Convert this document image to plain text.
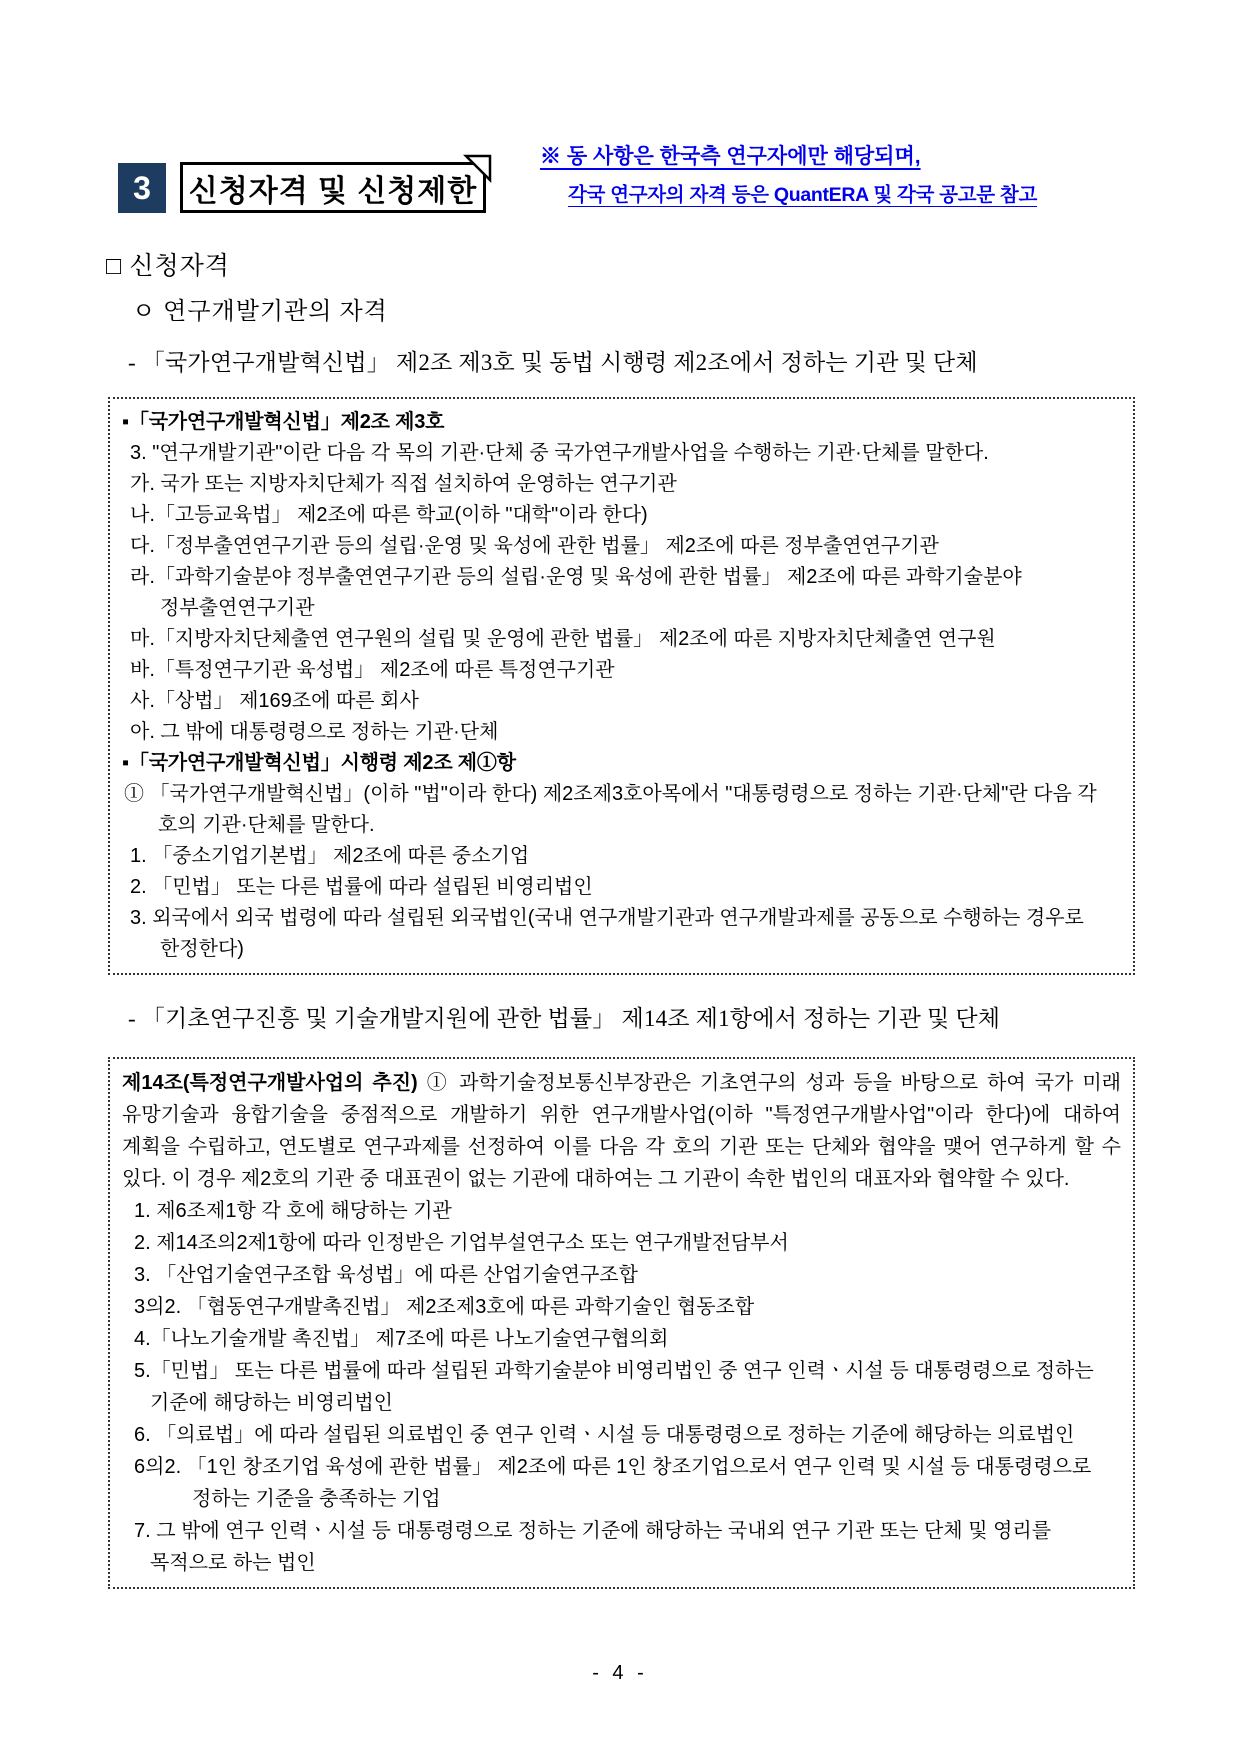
3	신청자격 및 신청제한
※ 동 사항은 한국측 연구자에만 해당되며,
각국 연구자의 자격 등은 QuantERA 및 각국 공고문 참고
□ 신청자격
ㅇ 연구개발기관의 자격
- 「국가연구개발혁신법」 제2조 제3호 및 동법 시행령 제2조에서 정하는 기관 및 단체
▪「국가연구개발혁신법」제2조 제3호
3. "연구개발기관"이란 다음 각 목의 기관·단체 중 국가연구개발사업을 수행하는 기관·단체를 말한다.
가. 국가 또는 지방자치단체가 직접 설치하여 운영하는 연구기관
나.「고등교육법」 제2조에 따른 학교(이하 "대학"이라 한다)
다.「정부출연연구기관 등의 설립·운영 및 육성에 관한 법률」 제2조에 따른 정부출연연구기관
라.「과학기술분야 정부출연연구기관 등의 설립·운영 및 육성에 관한 법률」 제2조에 따른 과학기술분야 정부출연연구기관
마.「지방자치단체출연 연구원의 설립 및 운영에 관한 법률」 제2조에 따른 지방자치단체출연 연구원
바.「특정연구기관 육성법」 제2조에 따른 특정연구기관
사.「상법」 제169조에 따른 회사
아. 그 밖에 대통령령으로 정하는 기관·단체
▪「국가연구개발혁신법」시행령 제2조 제①항
① 「국가연구개발혁신법」(이하 "법"이라 한다) 제2조제3호아목에서 "대통령령으로 정하는 기관·단체"란 다음 각 호의 기관·단체를 말한다.
1. 「중소기업기본법」 제2조에 따른 중소기업
2. 「민법」 또는 다른 법률에 따라 설립된 비영리법인
3. 외국에서 외국 법령에 따라 설립된 외국법인(국내 연구개발기관과 연구개발과제를 공동으로 수행하는 경우로 한정한다)
- 「기초연구진흥 및 기술개발지원에 관한 법률」 제14조 제1항에서 정하는 기관 및 단체

제14조(특정연구개발사업의 추진) ① 과학기술정보통신부장관은 기초연구의 성과 등을 바탕으로 하여 국가 미래 유망기술과 융합기술을 중점적으로 개발하기 위한 연구개발사업(이하 "특정연구개발사업"이라 한다)에 대하여 계획을 수립하고, 연도별로 연구과제를 선정하여 이를 다음 각 호의 기관 또는 단체와 협약을 맺어 연구하게 할 수 있다. 이 경우 제2호의 기관 중 대표권이 없는 기관에 대하여는 그 기관이 속한 법인의 대표자와 협약할 수 있다.

1. 제6조제1항 각 호에 해당하는 기관
2. 제14조의2제1항에 따라 인정받은 기업부설연구소 또는 연구개발전담부서
3. 「산업기술연구조합 육성법」에 따른 산업기술연구조합
3의2. 「협동연구개발촉진법」 제2조제3호에 따른 과학기술인 협동조합
4.「나노기술개발 촉진법」 제7조에 따른 나노기술연구협의회
5.「민법」 또는 다른 법률에 따라 설립된 과학기술분야 비영리법인 중 연구 인력ㆍ시설 등 대통령령으로 정하는 기준에 해당하는 비영리법인
6. 「의료법」에 따라 설립된 의료법인 중 연구 인력ㆍ시설 등 대통령령으로 정하는 기준에 해당하는 의료법인
6의2. 「1인 창조기업 육성에 관한 법률」 제2조에 따른 1인 창조기업으로서 연구 인력 및 시설 등 대통령령으로 정하는 기준을 충족하는 기업
7. 그 밖에 연구 인력ㆍ시설 등 대통령령으로 정하는 기준에 해당하는 국내외 연구 기관 또는 단체 및 영리를 목적으로 하는 법인
- 4 -
